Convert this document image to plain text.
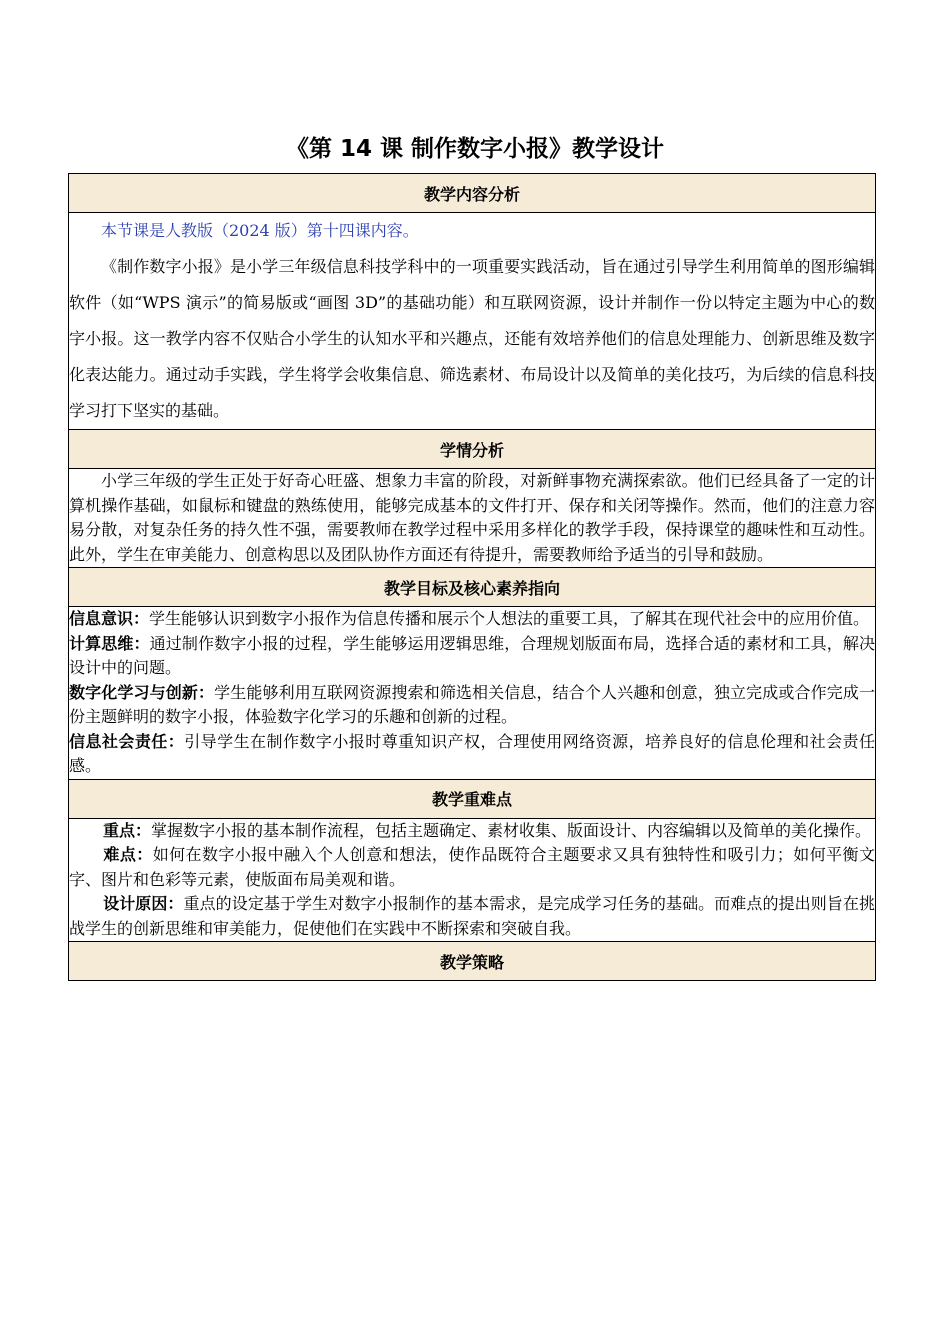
《第 14 课 制作数字小报》教学设计
教学内容分析

本节课是人教版（2024 版）第十四课内容。

《制作数字小报》是小学三年级信息科技学科中的一项重要实践活动，旨在通过引导学生利用简单的图形编辑软件（如“WPS 演示”的简易版或“画图 3D”的基础功能）和互联网资源，设计并制作一份以特定主题为中心的数字小报。这一教学内容不仅贴合小学生的认知水平和兴趣点，还能有效培养他们的信息处理能力、创新思维及数字化表达能力。通过动手实践，学生将学会收集信息、筛选素材、布局设计以及简单的美化技巧，为后续的信息科技学习打下坚实的基础。

学情分析

小学三年级的学生正处于好奇心旺盛、想象力丰富的阶段，对新鲜事物充满探索欲。他们已经具备了一定的计算机操作基础，如鼠标和键盘的熟练使用，能够完成基本的文件打开、保存和关闭等操作。然而，他们的注意力容易分散，对复杂任务的持久性不强，需要教师在教学过程中采用多样化的教学手段，保持课堂的趣味性和互动性。此外，学生在审美能力、创意构思以及团队协作方面还有待提升，需要教师给予适当的引导和鼓励。

教学目标及核心素养指向

信息意识：学生能够认识到数字小报作为信息传播和展示个人想法的重要工具，了解其在现代社会中的应用价值。

计算思维：通过制作数字小报的过程，学生能够运用逻辑思维，合理规划版面布局，选择合适的素材和工具，解决设计中的问题。

数字化学习与创新：学生能够利用互联网资源搜索和筛选相关信息，结合个人兴趣和创意，独立完成或合作完成一份主题鲜明的数字小报，体验数字化学习的乐趣和创新的过程。

信息社会责任：引导学生在制作数字小报时尊重知识产权，合理使用网络资源，培养良好的信息伦理和社会责任感。

教学重难点

重点：掌握数字小报的基本制作流程，包括主题确定、素材收集、版面设计、内容编辑以及简单的美化操作。

难点：如何在数字小报中融入个人创意和想法，使作品既符合主题要求又具有独特性和吸引力；如何平衡文字、图片和色彩等元素，使版面布局美观和谐。

设计原因：重点的设定基于学生对数字小报制作的基本需求，是完成学习任务的基础。而难点的提出则旨在挑战学生的创新思维和审美能力，促使他们在实践中不断探索和突破自我。

教学策略
